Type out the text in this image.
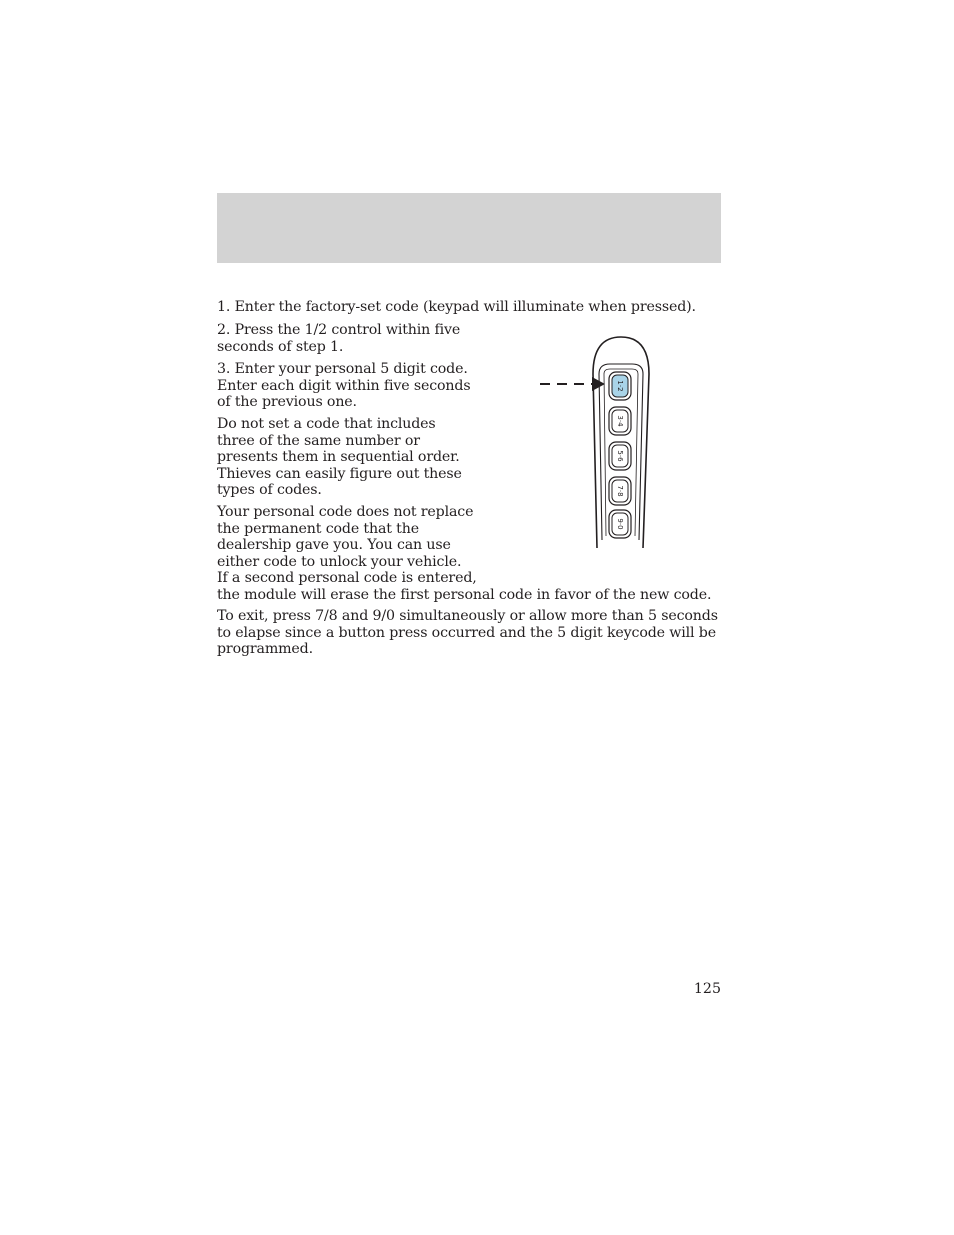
1. Enter the factory-set code (keypad will illuminate when pressed).

2. Press the 1/2 control within five
seconds of step 1.

3. Enter your personal 5 digit code.
Enter each digit within five seconds
of the previous one.

Do not set a code that includes
three of the same number or
presents them in sequential order.
Thieves can easily figure out these
types of codes.

Your personal code does not replace
the permanent code that the
dealership gave you. You can use
either code to unlock your vehicle.
If a second personal code is entered,
the module will erase the first personal code in favor of the new code.

To exit, press 7/8 and 9/0 simultaneously or allow more than 5 seconds
to elapse since a button press occurred and the 5 digit keycode will be
programmed.

1·2
3·4
5·6
7·8
9·0
125
